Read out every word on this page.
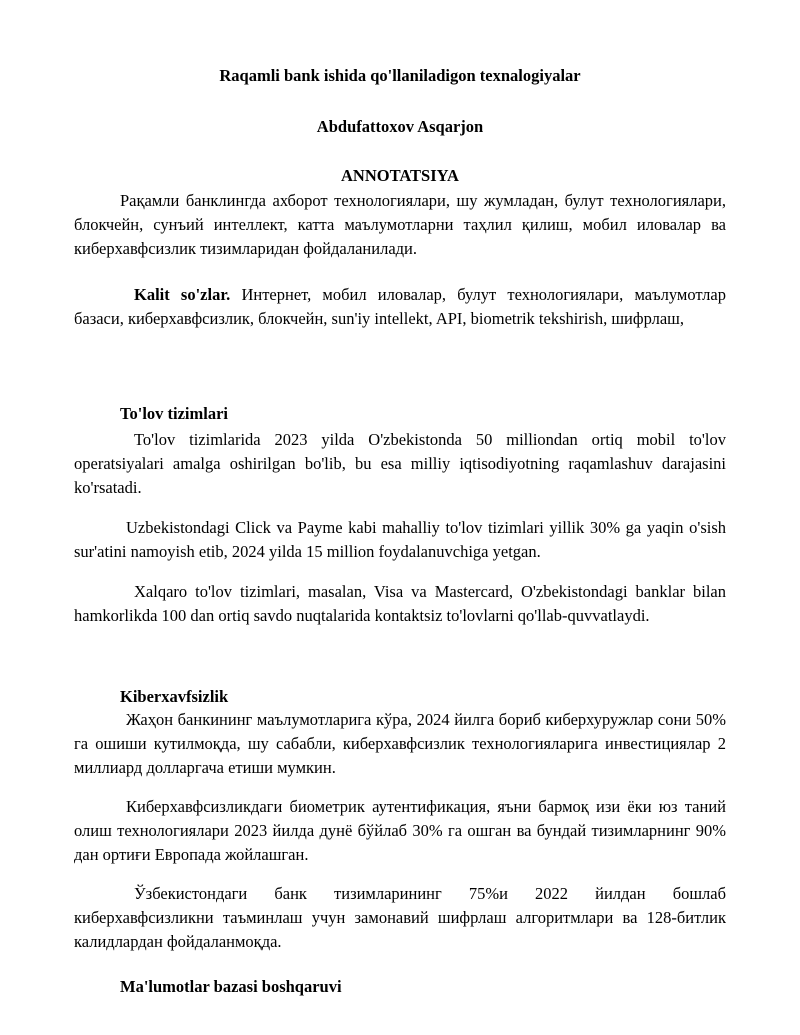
Raqamli bank ishida qo'llaniladigon texnalogiyalar
Abdufattoxov Asqarjon
ANNOTATSIYA
Рақамли банклингда ахборот технологиялари, шу жумладан, булут технологиялари, блокчейн, сунъий интеллект, катта маълумотларни таҳлил қилиш, мобил иловалар ва киберхавфсизлик тизимларидан фойдаланилади.
Kalit so'zlar. Интернет, мобил иловалар, булут технологиялари, маълумотлар базаси, киберхавфсизлик, блокчейн, sun'iy intellekt, API, biometrik tekshirish, шифрлаш,
To'lov tizimlari
To'lov tizimlarida 2023 yilda O'zbekistonda 50 milliondan ortiq mobil to'lov operatsiyalari amalga oshirilgan bo'lib, bu esa milliy iqtisodiyotning raqamlashuv darajasini ko'rsatadi.
Uzbekistondagi Click va Payme kabi mahalliy to'lov tizimlari yillik 30% ga yaqin o'sish sur'atini namoyish etib, 2024 yilda 15 million foydalanuvchiga yetgan.
Xalqaro to'lov tizimlari, masalan, Visa va Mastercard, O'zbekistondagi banklar bilan hamkorlikda 100 dan ortiq savdo nuqtalarida kontaktsiz to'lovlarni qo'llab-quvvatlaydi.
Kiberxavfsizlik
Жаҳон банкининг маълумотларига кўра, 2024 йилга бориб киберхуружлар сони 50% га ошиши кутилмоқда, шу сабабли, киберхавфсизлик технологияларига инвестициялар 2 миллиард долларгача етиши мумкин.
Киберхавфсизликдаги биометрик аутентификация, яъни бармоқ изи ёки юз таний олиш технологиялари 2023 йилда дунё бўйлаб 30% га ошган ва бундай тизимларнинг 90% дан ортиғи Европада жойлашган.
Ўзбекистондаги банк тизимларининг 75%и 2022 йилдан бошлаб киберхавфсизликни таъминлаш учун замонавий шифрлаш алгоритмлари ва 128-битлик калидлардан фойдаланмоқда.
Ma'lumotlar bazasi boshqaruvi
